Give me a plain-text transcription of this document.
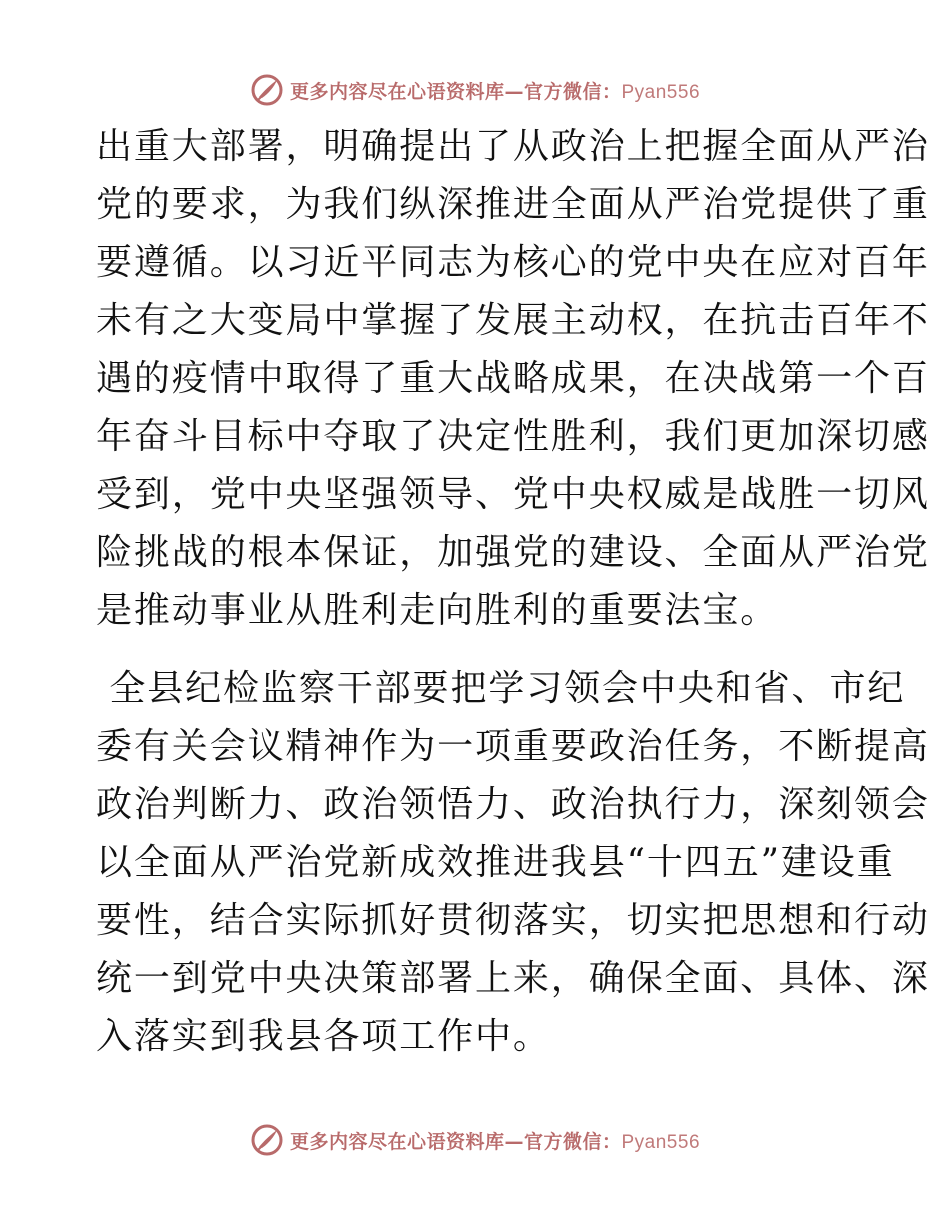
更多内容尽在心语资料库—官方微信：Pyan556

出重大部署，明确提出了从政治上把握全面从严治
党的要求，为我们纵深推进全面从严治党提供了重
要遵循。以习近平同志为核心的党中央在应对百年
未有之大变局中掌握了发展主动权，在抗击百年不
遇的疫情中取得了重大战略成果，在决战第一个百
年奋斗目标中夺取了决定性胜利，我们更加深切感
受到，党中央坚强领导、党中央权威是战胜一切风
险挑战的根本保证，加强党的建设、全面从严治党
是推动事业从胜利走向胜利的重要法宝。

全县纪检监察干部要把学习领会中央和省、市纪
委有关会议精神作为一项重要政治任务，不断提高
政治判断力、政治领悟力、政治执行力，深刻领会
以全面从严治党新成效推进我县“十四五”建设重
要性，结合实际抓好贯彻落实，切实把思想和行动
统一到党中央决策部署上来，确保全面、具体、深
入落实到我县各项工作中。

更多内容尽在心语资料库—官方微信：Pyan556
